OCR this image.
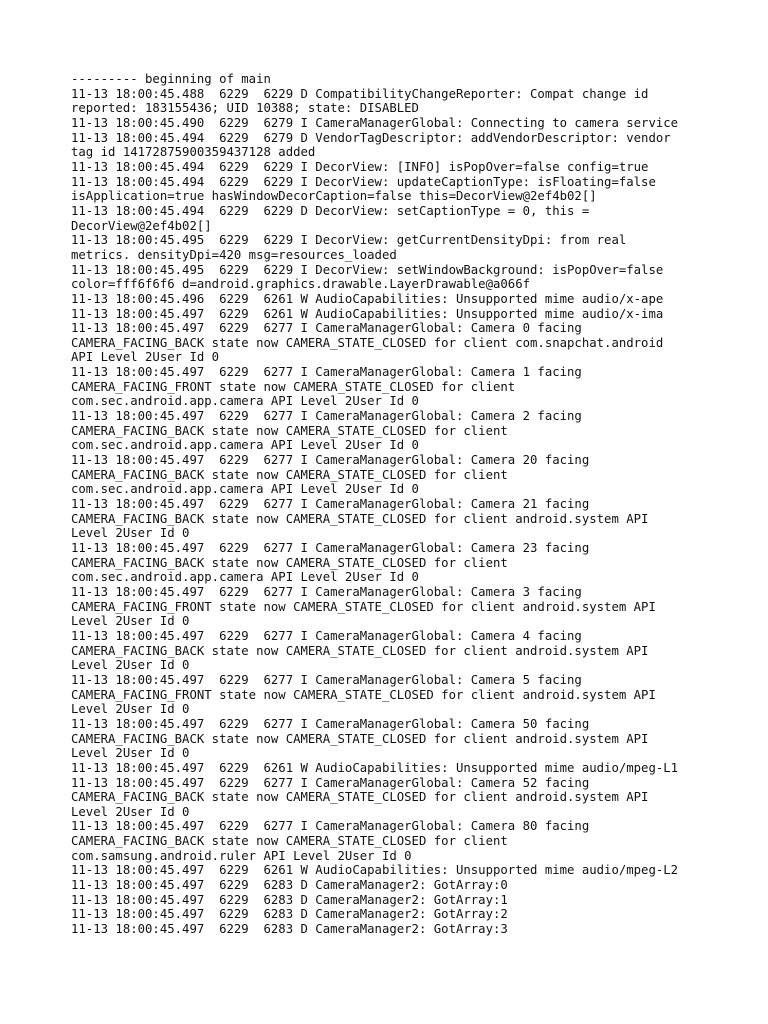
--------- beginning of main
11-13 18:00:45.488  6229  6229 D CompatibilityChangeReporter: Compat change id
reported: 183155436; UID 10388; state: DISABLED
11-13 18:00:45.490  6229  6279 I CameraManagerGlobal: Connecting to camera service
11-13 18:00:45.494  6229  6279 D VendorTagDescriptor: addVendorDescriptor: vendor
tag id 14172875900359437128 added
11-13 18:00:45.494  6229  6229 I DecorView: [INFO] isPopOver=false config=true
11-13 18:00:45.494  6229  6229 I DecorView: updateCaptionType: isFloating=false
isApplication=true hasWindowDecorCaption=false this=DecorView@2ef4b02[]
11-13 18:00:45.494  6229  6229 D DecorView: setCaptionType = 0, this =
DecorView@2ef4b02[]
11-13 18:00:45.495  6229  6229 I DecorView: getCurrentDensityDpi: from real
metrics. densityDpi=420 msg=resources_loaded
11-13 18:00:45.495  6229  6229 I DecorView: setWindowBackground: isPopOver=false
color=fff6f6f6 d=android.graphics.drawable.LayerDrawable@a066f
11-13 18:00:45.496  6229  6261 W AudioCapabilities: Unsupported mime audio/x-ape
11-13 18:00:45.497  6229  6261 W AudioCapabilities: Unsupported mime audio/x-ima
11-13 18:00:45.497  6229  6277 I CameraManagerGlobal: Camera 0 facing
CAMERA_FACING_BACK state now CAMERA_STATE_CLOSED for client com.snapchat.android
API Level 2User Id 0
11-13 18:00:45.497  6229  6277 I CameraManagerGlobal: Camera 1 facing
CAMERA_FACING_FRONT state now CAMERA_STATE_CLOSED for client
com.sec.android.app.camera API Level 2User Id 0
11-13 18:00:45.497  6229  6277 I CameraManagerGlobal: Camera 2 facing
CAMERA_FACING_BACK state now CAMERA_STATE_CLOSED for client
com.sec.android.app.camera API Level 2User Id 0
11-13 18:00:45.497  6229  6277 I CameraManagerGlobal: Camera 20 facing
CAMERA_FACING_BACK state now CAMERA_STATE_CLOSED for client
com.sec.android.app.camera API Level 2User Id 0
11-13 18:00:45.497  6229  6277 I CameraManagerGlobal: Camera 21 facing
CAMERA_FACING_BACK state now CAMERA_STATE_CLOSED for client android.system API
Level 2User Id 0
11-13 18:00:45.497  6229  6277 I CameraManagerGlobal: Camera 23 facing
CAMERA_FACING_BACK state now CAMERA_STATE_CLOSED for client
com.sec.android.app.camera API Level 2User Id 0
11-13 18:00:45.497  6229  6277 I CameraManagerGlobal: Camera 3 facing
CAMERA_FACING_FRONT state now CAMERA_STATE_CLOSED for client android.system API
Level 2User Id 0
11-13 18:00:45.497  6229  6277 I CameraManagerGlobal: Camera 4 facing
CAMERA_FACING_BACK state now CAMERA_STATE_CLOSED for client android.system API
Level 2User Id 0
11-13 18:00:45.497  6229  6277 I CameraManagerGlobal: Camera 5 facing
CAMERA_FACING_FRONT state now CAMERA_STATE_CLOSED for client android.system API
Level 2User Id 0
11-13 18:00:45.497  6229  6277 I CameraManagerGlobal: Camera 50 facing
CAMERA_FACING_BACK state now CAMERA_STATE_CLOSED for client android.system API
Level 2User Id 0
11-13 18:00:45.497  6229  6261 W AudioCapabilities: Unsupported mime audio/mpeg-L1
11-13 18:00:45.497  6229  6277 I CameraManagerGlobal: Camera 52 facing
CAMERA_FACING_BACK state now CAMERA_STATE_CLOSED for client android.system API
Level 2User Id 0
11-13 18:00:45.497  6229  6277 I CameraManagerGlobal: Camera 80 facing
CAMERA_FACING_BACK state now CAMERA_STATE_CLOSED for client
com.samsung.android.ruler API Level 2User Id 0
11-13 18:00:45.497  6229  6261 W AudioCapabilities: Unsupported mime audio/mpeg-L2
11-13 18:00:45.497  6229  6283 D CameraManager2: GotArray:0
11-13 18:00:45.497  6229  6283 D CameraManager2: GotArray:1
11-13 18:00:45.497  6229  6283 D CameraManager2: GotArray:2
11-13 18:00:45.497  6229  6283 D CameraManager2: GotArray:3
